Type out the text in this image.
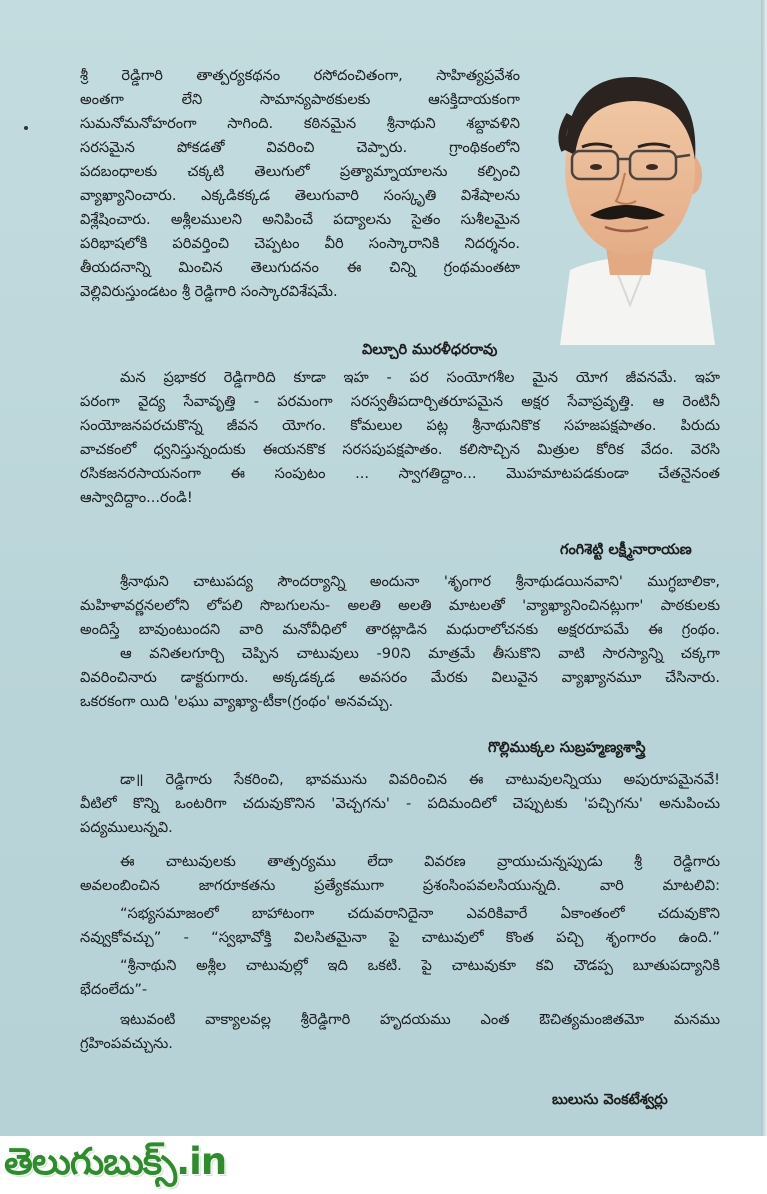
శ్రీ రెడ్డిగారి తాత్పర్యకథనం రసోదంచితంగా, సాహిత్యప్రవేశం
అంతగా లేని సామాన్యపాఠకులకు ఆసక్తిదాయకంగా
సుమనోమనోహరంగా సాగింది. కఠినమైన శ్రీనాథుని శబ్దావళిని
సరసమైన పోకడతో వివరించి చెప్పారు. గ్రాంథికంలోని
పదబంధాలకు చక్కటి తెలుగులో ప్రత్యామ్నాయాలను కల్పించి
వ్యాఖ్యానించారు. ఎక్కడికక్కడ తెలుగువారి సంస్కృతి విశేషాలను
విశ్లేషించారు. అశ్లీలములని అనిపించే పద్యాలను సైతం సుశీలమైన
పరిభాషలోకి పరివర్తించి చెప్పటం వీరి సంస్కారానికి నిదర్శనం.
తీయదనాన్ని మించిన తెలుగుదనం ఈ చిన్ని గ్రంథమంతటా
వెల్లివిరుస్తుండటం శ్రీ రెడ్డిగారి సంస్కారవిశేషమే.
విల్చూరి మురళీధరరావు
మన ప్రభాకర రెడ్డిగారిది కూడా ఇహ - పర సంయోగశీల మైన యోగ జీవనమే. ఇహ
పరంగా వైద్య సేవావృత్తి - పరమంగా సరస్వతీపదార్చితరూపమైన అక్షర సేవాప్రవృత్తి. ఆ రెంటినీ
సంయోజనపరచుకొన్న జీవన యోగం. కోమలుల పట్ల శ్రీనాథునికొక సహజపక్షపాతం. పిరుదు
వాచకంలో ధ్వనిస్తున్నందుకు ఈయనకొక సరసపుపక్షపాతం. కలిసొచ్చిన మిత్రుల కోరిక వేదం. వెరసి
రసికజనరసాయనంగా ఈ సంపుటం ... స్వాగతిద్దాం... మొహమాటపడకుండా చేతనైనంత
ఆస్వాదిద్దాం...రండి!
గంగిశెట్టి లక్ష్మీనారాయణ
శ్రీనాథుని చాటుపద్య సౌందర్యాన్ని అందునా 'శృంగార శ్రీనాథుడయినవాని' ముగ్ధబాలికా,
మహిళావర్ణనలలోని లోపలి సొబగులను- అలతి అలతి మాటలతో 'వ్యాఖ్యానించినట్లుగా' పాఠకులకు
అందిస్తే బావుంటుందని వారి మనోవీధిలో తారట్లాడిన మధురాలోచనకు అక్షరరూపమే ఈ గ్రంథం.
ఆ వనితలగూర్చి చెప్పిన చాటువులు -90ని మాత్రమే తీసుకొని వాటి సారస్యాన్ని చక్కగా
వివరించినారు డాక్టరుగారు. అక్కడక్కడ అవసరం మేరకు విలువైన వ్యాఖ్యానమూ చేసినారు.
ఒకరకంగా యిది 'లఘు వ్యాఖ్యా-టీకా(గ్రంథం' అనవచ్చు.
గొల్లిముక్కల సుబ్రహ్మణ్యశాస్త్రి
డా॥ రెడ్డిగారు సేకరించి, భావమును వివరించిన ఈ చాటువులన్నియు అపురూపమైనవే!
వీటిలో కొన్ని ఒంటరిగా చదువుకొనిన 'వెచ్చగను' - పదిమందిలో చెప్పుటకు 'పచ్చిగను' అనుపించు
పద్యములున్నవి.
ఈ చాటువులకు తాత్పర్యము లేదా వివరణ వ్రాయుచున్నప్పుడు శ్రీ రెడ్డిగారు
అవలంబించిన జాగరూకతను ప్రత్యేకముగా ప్రశంసింపవలసియున్నది. వారి మాటలివి:
“సభ్యసమాజంలో బాహాటంగా చదువరానిదైనా ఎవరికివారే ఏకాంతంలో చదువుకొని
నవ్వుకోవచ్చు” - “స్వభావోక్తి విలసితమైనా పై చాటువులో కొంత పచ్చి శృంగారం ఉంది.”
“శ్రీనాథుని అశ్లీల చాటువుల్లో ఇది ఒకటి. పై చాటువుకూ కవి చౌడప్ప బూతుపద్యానికి
భేదంలేదు”-
ఇటువంటి వాక్యాలవల్ల శ్రీరెడ్డిగారి హృదయము ఎంత ఔచిత్యమంజితమో మనము
గ్రహింపవచ్చును.
బులుసు వెంకటేశ్వర్లు
తెలుగుబుక్స్.in
